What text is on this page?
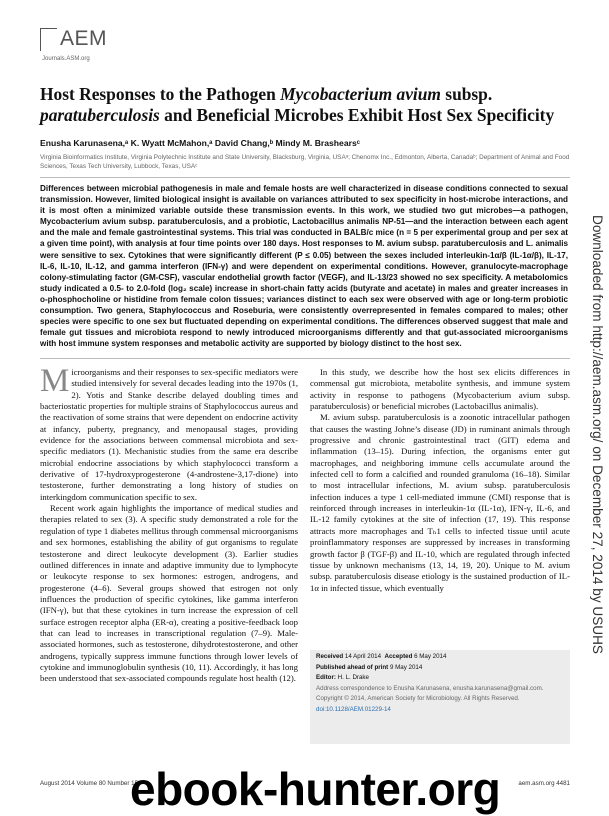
AEM
Journals.ASM.org
Host Responses to the Pathogen Mycobacterium avium subsp. paratuberculosis and Beneficial Microbes Exhibit Host Sex Specificity
Enusha Karunasena,ᵃ K. Wyatt McMahon,ᵃ David Chang,ᵇ Mindy M. Brashearsᶜ
Virginia Bioinformatics Institute, Virginia Polytechnic Institute and State University, Blacksburg, Virginia, USAᵃ; Chenomx Inc., Edmonton, Alberta, Canadaᵇ; Department of Animal and Food Sciences, Texas Tech University, Lubbock, Texas, USAᶜ
Differences between microbial pathogenesis in male and female hosts are well characterized in disease conditions connected to sexual transmission. However, limited biological insight is available on variances attributed to sex specificity in host-microbe interactions, and it is most often a minimized variable outside these transmission events. In this work, we studied two gut microbes—a pathogen, Mycobacterium avium subsp. paratuberculosis, and a probiotic, Lactobacillus animalis NP-51—and the interaction between each agent and the male and female gastrointestinal systems. This trial was conducted in BALB/c mice (n = 5 per experimental group and per sex at a given time point), with analysis at four time points over 180 days. Host responses to M. avium subsp. paratuberculosis and L. animalis were sensitive to sex. Cytokines that were significantly different (P ≤ 0.05) between the sexes included interleukin-1α/β (IL-1α/β), IL-17, IL-6, IL-10, IL-12, and gamma interferon (IFN-γ) and were dependent on experimental conditions. However, granulocyte-macrophage colony-stimulating factor (GM-CSF), vascular endothelial growth factor (VEGF), and IL-13/23 showed no sex specificity. A metabolomics study indicated a 0.5- to 2.0-fold (log₂ scale) increase in short-chain fatty acids (butyrate and acetate) in males and greater increases in o-phosphocholine or histidine from female colon tissues; variances distinct to each sex were observed with age or long-term probiotic consumption. Two genera, Staphylococcus and Roseburia, were consistently overrepresented in females compared to males; other species were specific to one sex but fluctuated depending on experimental conditions. The differences observed suggest that male and female gut tissues and microbiota respond to newly introduced microorganisms differently and that gut-associated microorganisms with host immune system responses and metabolic activity are supported by biology distinct to the host sex.

Microorganisms and their responses to sex-specific mediators were studied intensively for several decades leading into the 1970s (1, 2). Yotis and Stanke describe delayed doubling times and bacteriostatic properties for multiple strains of Staphylococcus aureus and the reactivation of some strains that were dependent on endocrine activity at infancy, puberty, pregnancy, and menopausal stages, providing evidence for the associations between commensal microbiota and sex-specific mediators (1). Mechanistic studies from the same era describe microbial endocrine associations by which staphylococci transform a derivative of 17-hydroxyprogesterone (4-androstene-3,17-dione) into testosterone, further demonstrating a long history of studies on interkingdom communication specific to sex.

Recent work again highlights the importance of medical studies and therapies related to sex (3). A specific study demonstrated a role for the regulation of type 1 diabetes mellitus through commensal microorganisms and sex hormones, establishing the ability of gut organisms to regulate testosterone and direct leukocyte development (3). Earlier studies outlined differences in innate and adaptive immunity due to lymphocyte or leukocyte response to sex hormones: estrogen, androgens, and progesterone (4–6). Several groups showed that estrogen not only influences the production of specific cytokines, like gamma interferon (IFN-γ), but that these cytokines in turn increase the expression of cell surface estrogen receptor alpha (ER-α), creating a positive-feedback loop that can lead to increases in transcriptional regulation (7–9). Male-associated hormones, such as testosterone, dihydrotestosterone, and other androgens, typically suppress immune functions through lower levels of cytokine and immunoglobulin synthesis (10, 11). Accordingly, it has long been understood that sex-associated compounds regulate host health (12).

In this study, we describe how the host sex elicits differences in commensal gut microbiota, metabolite synthesis, and immune system activity in response to pathogens (Mycobacterium avium subsp. paratuberculosis) or beneficial microbes (Lactobacillus animalis).

M. avium subsp. paratuberculosis is a zoonotic intracellular pathogen that causes the wasting Johne’s disease (JD) in ruminant animals through progressive and chronic gastrointestinal tract (GIT) edema and inflammation (13–15). During infection, the organisms enter gut macrophages, and neighboring immune cells accumulate around the infected cell to form a calcified and rounded granuloma (16–18). Similar to most intracellular infections, M. avium subsp. paratuberculosis infection induces a type 1 cell-mediated immune (CMI) response that is reinforced through increases in interleukin-1α (IL-1α), IFN-γ, IL-6, and IL-12 family cytokines at the site of infection (17, 19). This response attracts more macrophages and Tₕ1 cells to infected tissue until acute proinflammatory responses are suppressed by increases in transforming growth factor β (TGF-β) and IL-10, which are regulated through infected tissue by unknown mechanisms (13, 14, 19, 20). Unique to M. avium subsp. paratuberculosis disease etiology is the sustained production of IL-1α in infected tissue, which eventually

Received 14 April 2014 Accepted 6 May 2014
Published ahead of print 9 May 2014
Editor: H. L. Drake
Address correspondence to Enusha Karunasena, enusha.karunasena@gmail.com.
Copyright © 2014, American Society for Microbiology. All Rights Reserved.
doi:10.1128/AEM.01229-14
August 2014 Volume 80 Number 15	aem.asm.org 4481
ebook-hunter.org
Downloaded from http://aem.asm.org/ on December 27, 2014 by USUHS
